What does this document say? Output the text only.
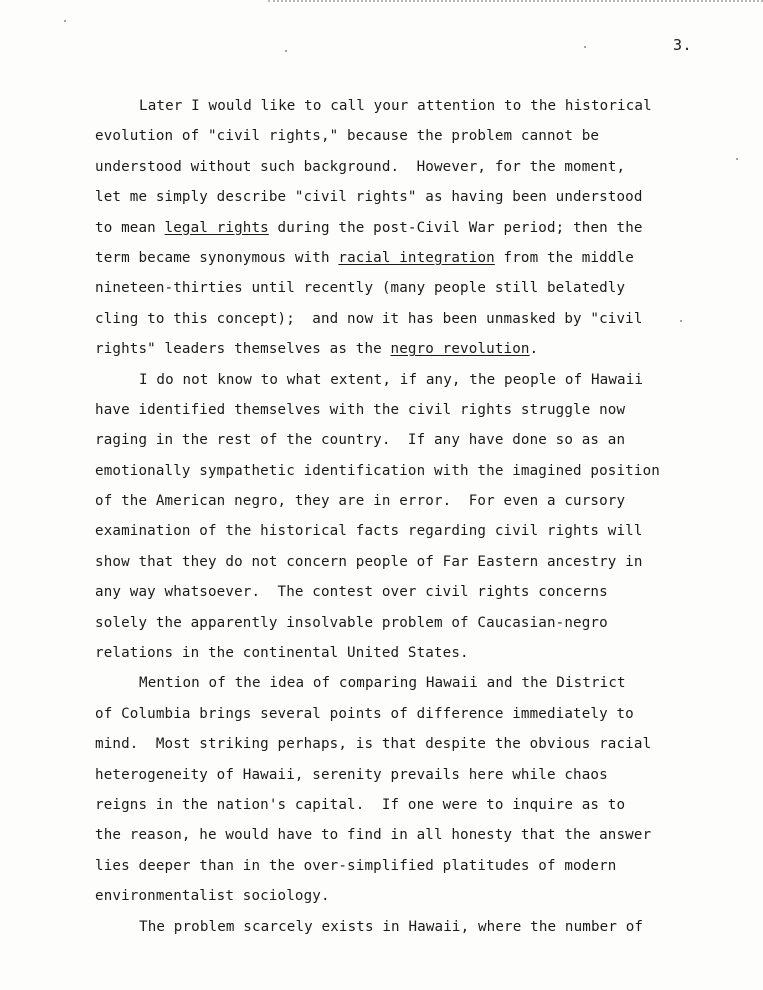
3.
Later I would like to call your attention to the historical
evolution of "civil rights," because the problem cannot be
understood without such background.  However, for the moment,
let me simply describe "civil rights" as having been understood
to mean legal rights during the post-Civil War period; then the
term became synonymous with racial integration from the middle
nineteen-thirties until recently (many people still belatedly
cling to this concept);  and now it has been unmasked by "civil
rights" leaders themselves as the negro revolution.
I do not know to what extent, if any, the people of Hawaii
have identified themselves with the civil rights struggle now
raging in the rest of the country.  If any have done so as an
emotionally sympathetic identification with the imagined position
of the American negro, they are in error.  For even a cursory
examination of the historical facts regarding civil rights will
show that they do not concern people of Far Eastern ancestry in
any way whatsoever.  The contest over civil rights concerns
solely the apparently insolvable problem of Caucasian-negro
relations in the continental United States.
Mention of the idea of comparing Hawaii and the District
of Columbia brings several points of difference immediately to
mind.  Most striking perhaps, is that despite the obvious racial
heterogeneity of Hawaii, serenity prevails here while chaos
reigns in the nation's capital.  If one were to inquire as to
the reason, he would have to find in all honesty that the answer
lies deeper than in the over-simplified platitudes of modern
environmentalist sociology.
The problem scarcely exists in Hawaii, where the number of
